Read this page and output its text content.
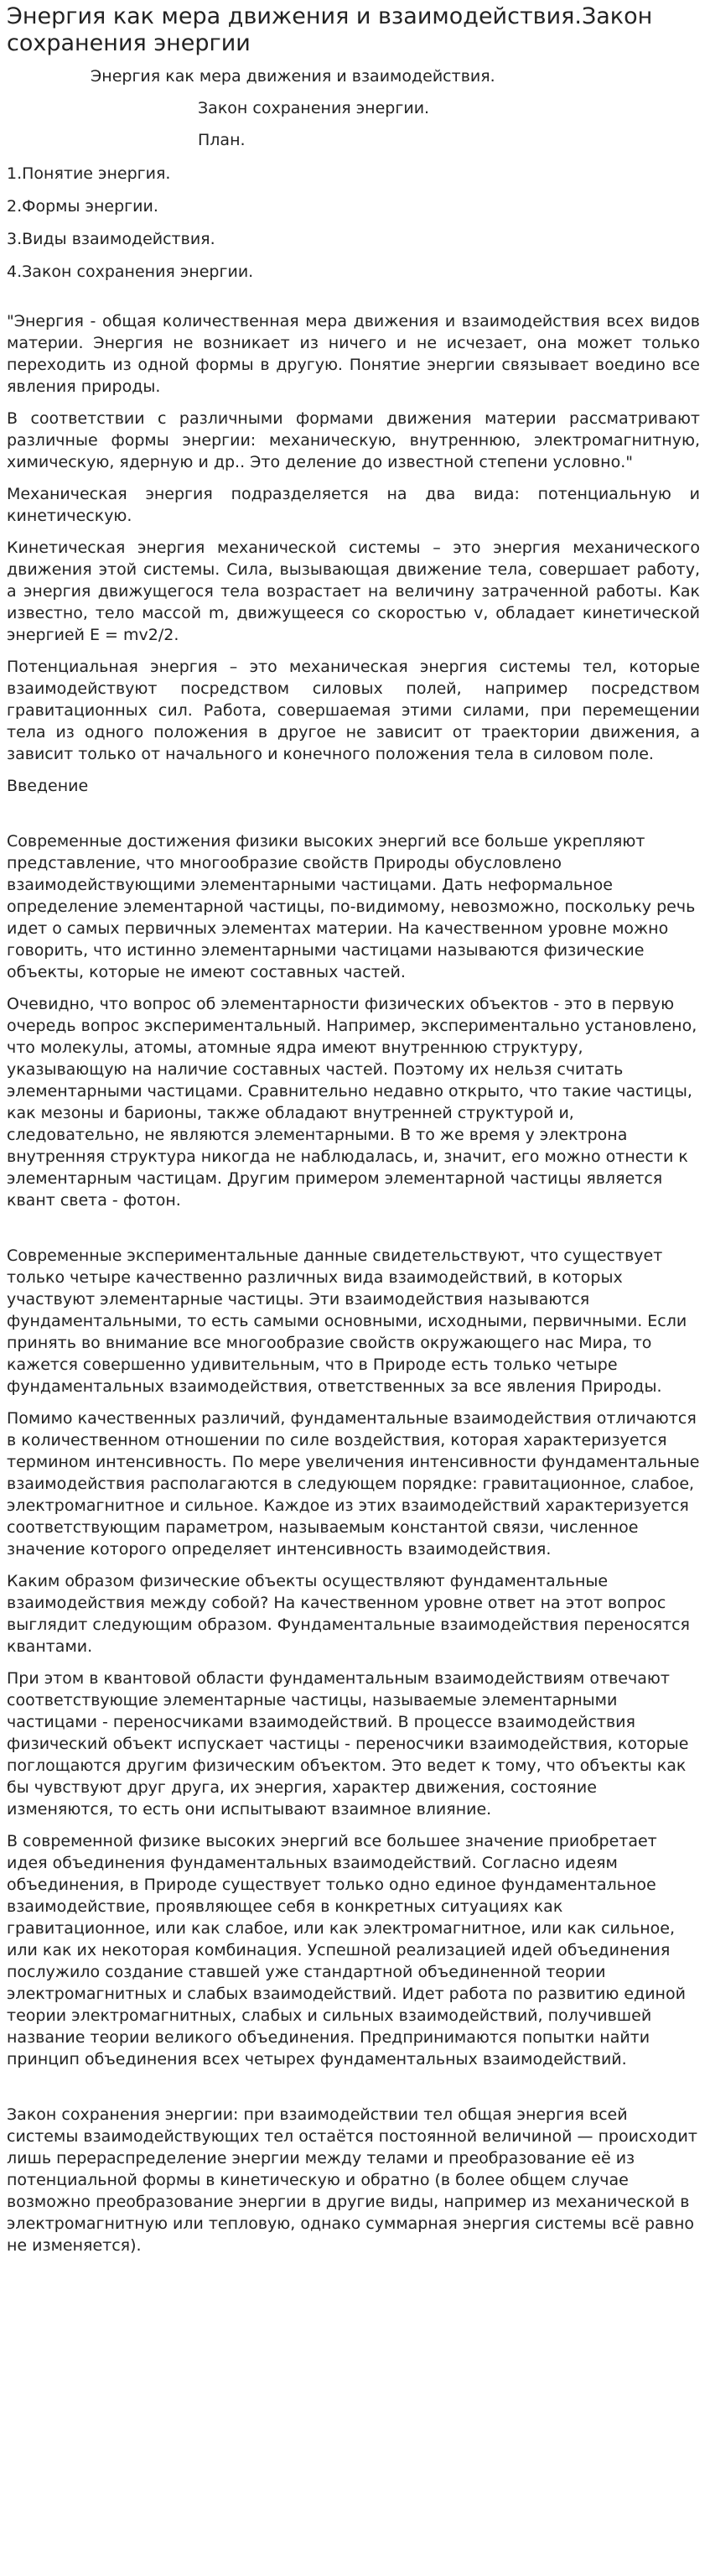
Энергия как мера движения и взаимодействия.Закон сохранения энергии
Энергия как мера движения и взаимодействия.
Закон сохранения энергии.
План.
1.Понятие энергия.
2.Формы энергии.
3.Виды взаимодействия.
4.Закон сохранения энергии.

"Энергия - общая количественная мера движения и взаимодействия всех видов материи. Энергия не возникает из ничего и не исчезает, она может только переходить из одной формы в другую. Понятие энергии связывает воедино все явления природы.

В соответствии с различными формами движения материи рассматривают различные формы энергии: механическую, внутреннюю, электромагнитную, химическую, ядерную и др.. Это деление до известной степени условно."

Механическая энергия подразделяется на два вида: потенциальную и кинетическую.

Кинетическая энергия механической системы – это энергия механического движения этой системы. Сила, вызывающая движение тела, совершает работу, а энергия движущегося тела возрастает на величину затраченной работы. Как известно, тело массой m, движущееся со скоростью v, обладает кинетической энергией E = mv2/2.

Потенциальная энергия – это механическая энергия системы тел, которые взаимодействуют посредством силовых полей, например посредством гравитационных сил. Работа, совершаемая этими силами, при перемещении тела из одного положения в другое не зависит от траектории движения, а зависит только от начального и конечного положения тела в силовом поле.

Введение

Современные достижения физики высоких энергий все больше укрепляют представление, что многообразие свойств Природы обусловлено взаимодействующими элементарными частицами. Дать неформальное определение элементарной частицы, по-видимому, невозможно, поскольку речь идет о самых первичных элементах материи. На качественном уровне можно говорить, что истинно элементарными частицами называются физические объекты, которые не имеют составных частей.

Очевидно, что вопрос об элементарности физических объектов - это в первую очередь вопрос экспериментальный. Например, экспериментально установлено, что молекулы, атомы, атомные ядра имеют внутреннюю структуру, указывающую на наличие составных частей. Поэтому их нельзя считать элементарными частицами. Сравнительно недавно открыто, что такие частицы, как мезоны и барионы, также обладают внутренней структурой и, следовательно, не являются элементарными. В то же время у электрона внутренняя структура никогда не наблюдалась, и, значит, его можно отнести к элементарным частицам. Другим примером элементарной частицы является квант света - фотон.

Современные экспериментальные данные свидетельствуют, что существует только четыре качественно различных вида взаимодействий, в которых участвуют элементарные частицы. Эти взаимодействия называются фундаментальными, то есть самыми основными, исходными, первичными. Если принять во внимание все многообразие свойств окружающего нас Мира, то кажется совершенно удивительным, что в Природе есть только четыре фундаментальных взаимодействия, ответственных за все явления Природы.

Помимо качественных различий, фундаментальные взаимодействия отличаются в количественном отношении по силе воздействия, которая характеризуется термином интенсивность. По мере увеличения интенсивности фундаментальные взаимодействия располагаются в следующем порядке: гравитационное, слабое, электромагнитное и сильное. Каждое из этих взаимодействий характеризуется соответствующим параметром, называемым константой связи, численное значение которого определяет интенсивность взаимодействия.

Каким образом физические объекты осуществляют фундаментальные взаимодействия между собой? На качественном уровне ответ на этот вопрос выглядит следующим образом. Фундаментальные взаимодействия переносятся квантами.

При этом в квантовой области фундаментальным взаимодействиям отвечают соответствующие элементарные частицы, называемые элементарными частицами - переносчиками взаимодействий. В процессе взаимодействия физический объект испускает частицы - переносчики взаимодействия, которые поглощаются другим физическим объектом. Это ведет к тому, что объекты как бы чувствуют друг друга, их энергия, характер движения, состояние изменяются, то есть они испытывают взаимное влияние.

В современной физике высоких энергий все большее значение приобретает идея объединения фундаментальных взаимодействий. Согласно идеям объединения, в Природе существует только одно единое фундаментальное взаимодействие, проявляющее себя в конкретных ситуациях как гравитационное, или как слабое, или как электромагнитное, или как сильное, или как их некоторая комбинация. Успешной реализацией идей объединения послужило создание ставшей уже стандартной объединенной теории электромагнитных и слабых взаимодействий. Идет работа по развитию единой теории электромагнитных, слабых и сильных взаимодействий, получившей название теории великого объединения. Предпринимаются попытки найти принцип объединения всех четырех фундаментальных взаимодействий.

Закон сохранения энергии: при взаимодействии тел общая энергия всей системы взаимодействующих тел остаётся постоянной величиной — происходит лишь перераспределение энергии между телами и преобразование её из потенциальной формы в кинетическую и обратно (в более общем случае возможно преобразование энергии в другие виды, например из механической в электромагнитную или тепловую, однако суммарная энергия системы всё равно не изменяется).
